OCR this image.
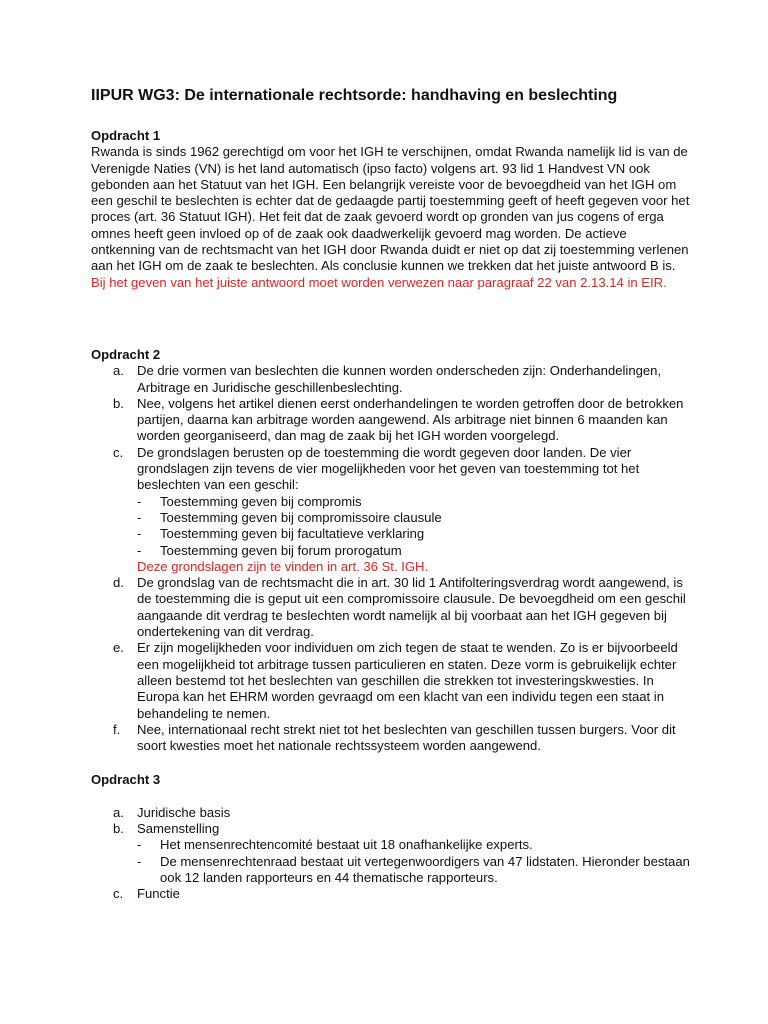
IIPUR WG3: De internationale rechtsorde: handhaving en beslechting
Opdracht 1

Rwanda is sinds 1962 gerechtigd om voor het IGH te verschijnen, omdat Rwanda namelijk lid is van de Verenigde Naties (VN) is het land automatisch (ipso facto) volgens art. 93 lid 1 Handvest VN ook gebonden aan het Statuut van het IGH. Een belangrijk vereiste voor de bevoegdheid van het IGH om een geschil te beslechten is echter dat de gedaagde partij toestemming geeft of heeft gegeven voor het proces (art. 36 Statuut IGH). Het feit dat de zaak gevoerd wordt op gronden van jus cogens of erga omnes heeft geen invloed op of de zaak ook daadwerkelijk gevoerd mag worden. De actieve ontkenning van de rechtsmacht van het IGH door Rwanda duidt er niet op dat zij toestemming verlenen aan het IGH om de zaak te beslechten. Als conclusie kunnen we trekken dat het juiste antwoord B is. Bij het geven van het juiste antwoord moet worden verwezen naar paragraaf 22 van 2.13.14 in EIR.

Opdracht 2
a. De drie vormen van beslechten die kunnen worden onderscheden zijn: Onderhandelingen, Arbitrage en Juridische geschillenbeslechting.
b. Nee, volgens het artikel dienen eerst onderhandelingen te worden getroffen door de betrokken partijen, daarna kan arbitrage worden aangewend. Als arbitrage niet binnen 6 maanden kan worden georganiseerd, dan mag de zaak bij het IGH worden voorgelegd.
c. De grondslagen berusten op de toestemming die wordt gegeven door landen. De vier grondslagen zijn tevens de vier mogelijkheden voor het geven van toestemming tot het beslechten van een geschil:
- Toestemming geven bij compromis
- Toestemming geven bij compromissoire clausule
- Toestemming geven bij facultatieve verklaring
- Toestemming geven bij forum prorogatum
Deze grondslagen zijn te vinden in art. 36 St. IGH.
d. De grondslag van de rechtsmacht die in art. 30 lid 1 Antifolteringsverdrag wordt aangewend, is de toestemming die is geput uit een compromissoire clausule. De bevoegdheid om een geschil aangaande dit verdrag te beslechten wordt namelijk al bij voorbaat aan het IGH gegeven bij ondertekening van dit verdrag.
e. Er zijn mogelijkheden voor individuen om zich tegen de staat te wenden. Zo is er bijvoorbeeld een mogelijkheid tot arbitrage tussen particulieren en staten. Deze vorm is gebruikelijk echter alleen bestemd tot het beslechten van geschillen die strekken tot investeringskwesties. In Europa kan het EHRM worden gevraagd om een klacht van een individu tegen een staat in behandeling te nemen.
f. Nee, internationaal recht strekt niet tot het beslechten van geschillen tussen burgers. Voor dit soort kwesties moet het nationale rechtssysteem worden aangewend.
Opdracht 3
a. Juridische basis
b. Samenstelling
- Het mensenrechtencomité bestaat uit 18 onafhankelijke experts.
- De mensenrechtenraad bestaat uit vertegenwoordigers van 47 lidstaten. Hieronder bestaan ook 12 landen rapporteurs en 44 thematische rapporteurs.
c. Functie
